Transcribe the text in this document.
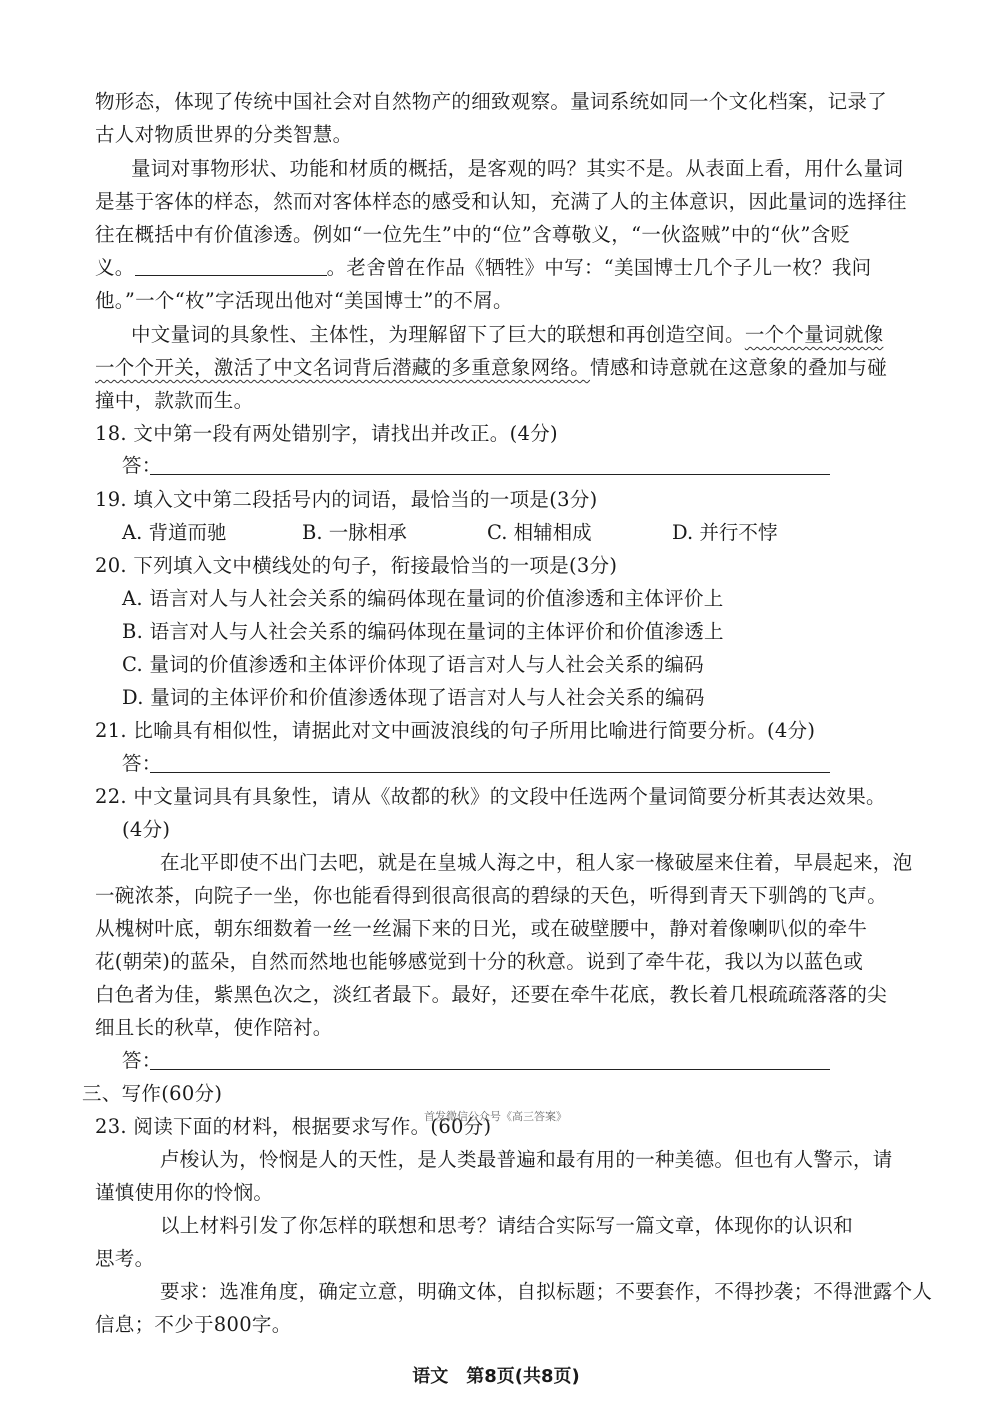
物形态，体现了传统中国社会对自然物产的细致观察。量词系统如同一个文化档案，记录了
古人对物质世界的分类智慧。
量词对事物形状、功能和材质的概括，是客观的吗？其实不是。从表面上看，用什么量词
是基于客体的样态，然而对客体样态的感受和认知，充满了人的主体意识，因此量词的选择往
往在概括中有价值渗透。例如“一位先生”中的“位”含尊敬义，“一伙盗贼”中的“伙”含贬
义。	。老舍曾在作品《牺牲》中写：“美国博士几个子儿一枚？我问
他。”一个“枚”字活现出他对“美国博士”的不屑。
中文量词的具象性、主体性，为理解留下了巨大的联想和再创造空间。一个个量词就像
一个个开关，激活了中文名词背后潜藏的多重意象网络。情感和诗意就在这意象的叠加与碰
撞中，款款而生。
18. 文中第一段有两处错别字，请找出并改正。(4分)
答：
19. 填入文中第二段括号内的词语，最恰当的一项是(3分)
A. 背道而驰	B. 一脉相承	C. 相辅相成	D. 并行不悖
20. 下列填入文中横线处的句子，衔接最恰当的一项是(3分)
A. 语言对人与人社会关系的编码体现在量词的价值渗透和主体评价上
B. 语言对人与人社会关系的编码体现在量词的主体评价和价值渗透上
C. 量词的价值渗透和主体评价体现了语言对人与人社会关系的编码
D. 量词的主体评价和价值渗透体现了语言对人与人社会关系的编码
21. 比喻具有相似性，请据此对文中画波浪线的句子所用比喻进行简要分析。(4分)
答：
22. 中文量词具有具象性，请从《故都的秋》的文段中任选两个量词简要分析其表达效果。
(4分)
在北平即使不出门去吧，就是在皇城人海之中，租人家一椽破屋来住着，早晨起来，泡
一碗浓茶，向院子一坐，你也能看得到很高很高的碧绿的天色，听得到青天下驯鸽的飞声。
从槐树叶底，朝东细数着一丝一丝漏下来的日光，或在破壁腰中，静对着像喇叭似的牵牛
花(朝荣)的蓝朵，自然而然地也能够感觉到十分的秋意。说到了牵牛花，我以为以蓝色或
白色者为佳，紫黑色次之，淡红者最下。最好，还要在牵牛花底，教长着几根疏疏落落的尖
细且长的秋草，使作陪衬。
答：
三、写作(60分)
23. 阅读下面的材料，根据要求写作。(60分)
首发微信公众号《高三答案》
卢梭认为，怜悯是人的天性，是人类最普遍和最有用的一种美德。但也有人警示，请
谨慎使用你的怜悯。
以上材料引发了你怎样的联想和思考？请结合实际写一篇文章，体现你的认识和
思考。
要求：选准角度，确定立意，明确文体，自拟标题；不要套作，不得抄袭；不得泄露个人
信息；不少于800字。
语文　第8页(共8页)
